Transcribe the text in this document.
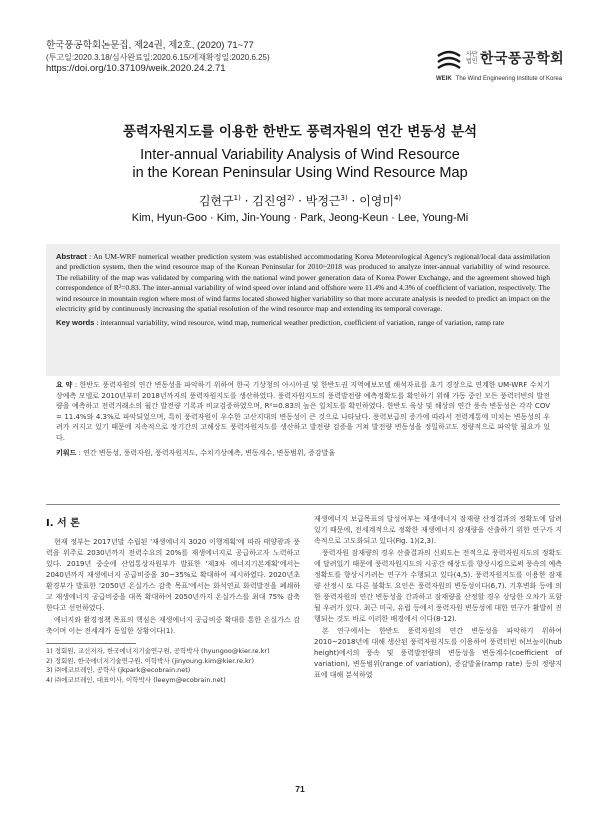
한국풍공학회논문집, 제24권, 제2호, (2020) 71~77
(투고일:2020.3.18/심사완료일:2020.6.15/게재확정일:2020.6.25)
https://doi.org/10.37109/weik.2020.24.2.71
사단 법인 한국풍공학회
WEIK The Wind Engineering Institute of Korea
풍력자원지도를 이용한 한반도 풍력자원의 연간 변동성 분석
Inter-annual Variability Analysis of Wind Resource
in the Korean Peninsular Using Wind Resource Map
김현구$^{1)}$ · 김진영$^{2)}$ · 박정근$^{3)}$ · 이영미$^{4)}$
Kim, Hyun-Goo · Kim, Jin-Young · Park, Jeong-Keun · Lee, Young-Mi
Abstract : An UM-WRF numerical weather prediction system was established accommodating Korea Meteorological Agency's regional/local data assimilation and prediction system, then the wind resource map of the Korean Peninsular for 2010~2018 was produced to analyze inter-annual variability of wind resource. The reliability of the map was validated by comparing with the national wind power generation data of Korea Power Exchange, and the agreement showed high correspondence of R²=0.83. The inter-annual variability of wind speed over inland and offshore were 11.4% and 4.3% of coefficient of variation, respectively. The wind resource in mountain region where most of wind farms located showed higher variability so that more accurate analysis is needed to predict an impact on the electricity grid by continuously increasing the spatial resolution of the wind resource map and extending its temporal coverage.
Key words : interannual variability, wind resource, wind map, numerical weather prediction, coefficient of variation, range of variation, ramp rate
요 약 : 한반도 풍력자원의 연간 변동성을 파악하기 위하여 한국 기상청의 아시아권 및 한반도권 지역예보모델 해석자료를 초기 경장으로 연계한 UM-WRF 수치기상예측 모델로 2010년부터 2018년까지의 풍력자원지도를 생산하였다. 풍력자원지도의 풍력발전량 예측정확도를 확인하기 위해 가동 중인 모든 풍력터빈의 발전량을 예측하고 전력거래소의 월간 발전량 기록과 비교검증하였으며, R²=0.83의 높은 일치도를 확인하였다. 한반도 육상 및 해상의 연간 풍속 변동성은 각각 COV = 11.4%와 4.3%로 파악되었으며, 특히 풍력자원이 우수한 고산지대의 변동성이 큰 것으로 나타났다. 풍력보급의 증가에 따라서 전력계통에 미치는 변동성의 우려가 커지고 있기 때문에 지속적으로 장기간의 고해상도 풍력자원지도를 생산하고 발전량 검증을 거쳐 발전량 변동성을 정밀하고도 정량적으로 파악할 필요가 있다.
키워드 : 연간 변동성, 풍력자원, 풍력자원지도, 수치기상예측, 변동계수, 변동범위, 증감발율
I. 서 론

현재 정부는 2017년말 수립된 '재생에너지 3020 이행계획'에 따라 태양광과 풍력을 위주로 2030년까지 전력수요의 20%를 재생에너지로 공급하고자 노력하고 있다. 2019년 중순에 산업통상자원부가 발표한 '제3차 에너지기본계획'에서는 2040년까지 재생에너지 공급비중을 30~35%로 확대하여 제시하였다. 2020년초 환경부가 발표한 '2050년 온실가스 감축 목표'에서는 화석연료 화력발전을 폐쇄하고 재생에너지 공급비중을 대폭 확대하여 2050년까지 온실가스를 최대 75% 감축한다고 선언하였다.

에너지와 환경정책 목표의 핵심은 재생에너지 공급비중 확대를 통한 온실가스 감축이며 이는 전세계가 동일한 상황이다(1).

1) 정회원, 교신저자, 한국에너지기술연구원, 공학박사 (hyungoo@kier.re.kr)
2) 정회원, 한국에너지기술연구원, 이학박사 (jinyoung.kim@kier.re.kr)
3) ㈜에코브레인, 공학사 (jkpark@ecobrain.net)
4) ㈜에코브레인, 대표이사, 이학박사 (leeym@ecobrain.net)

재생에너지 보급목표의 달성여부는 재생에너지 잠재량 산정결과의 정확도에 달려있기 때문에, 전세계적으로 정확한 재생에너지 잠재량을 산출하기 위한 연구가 지속적으로 고도화되고 있다(Fig. 1)(2,3).

풍력자원 잠재량의 경우 산출결과의 신뢰도는 전적으로 풍력자원지도의 정확도에 달려있기 때문에 풍력자원지도의 시공간 해상도를 향상시킴으로써 풍속의 예측 정확도를 향상시키려는 연구가 수행되고 있다(4,5). 풍력자원지도를 이용한 잠재량 산정시 또 다른 불확도 요인은 풍력자원의 변동성이다(6,7). 기후변화 등에 의한 풍력자원의 연간 변동성을 간과하고 잠재량을 산정할 경우 상당한 오차가 포함될 우려가 있다. 최근 미국, 유럽 등에서 풍력자원 변동성에 대한 연구가 활발히 진행되는 것도 바로 이러한 배경에서 이다(8-12).

본 연구에서는 한반도 풍력자원의 연간 변동성을 파악하기 위하여 2010~2018년에 대해 생산된 풍력자원지도를 이용하여 풍력터빈 허브높이(hub height)에서의 풍속 및 풍력발전량의 변동성을 변동계수(coefficient of variation), 변동범위(range of variation), 증감발율(ramp rate) 등의 정량지표에 대해 분석하였

71
